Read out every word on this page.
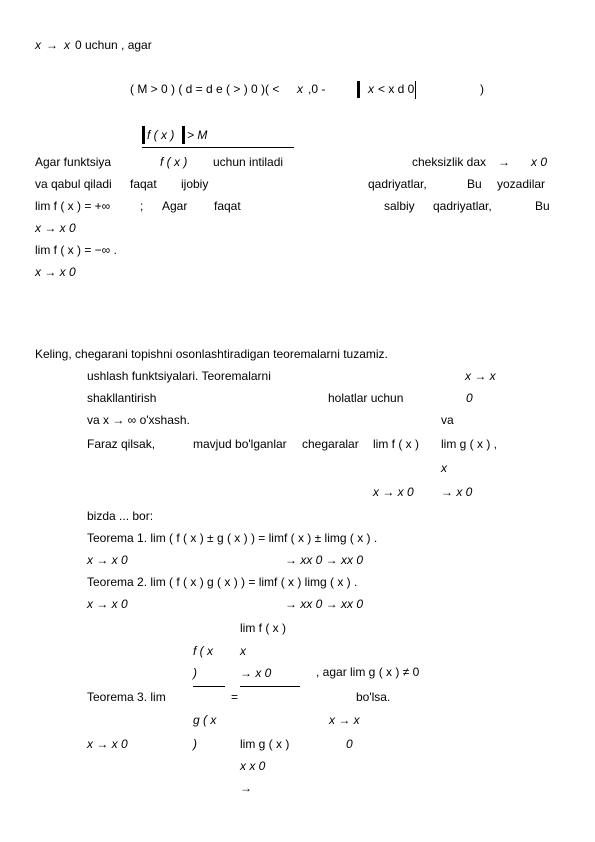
x → x 0 uchun , agar
( M > 0 ) ( d = d e ( > ) 0 )( < x ,0 -	x < x d 0	)
f ( x ) > M
Agar funktsiya	f ( x ) uchun intiladi	cheksizlik dax → x 0
va qabul qiladi faqat ijobiy	qadriyatlar,	Bu yozadilar
lim f ( x ) = +∞ ; Agar faqat	salbiy qadriyatlar,	Bu
x → x 0
lim f ( x ) = −∞ .
x → x 0
Keling, chegarani topishni osonlashtiradigan teoremalarni tuzamiz.
ushlash funktsiyalari. Teoremalarni	x → x
shakllantirish	holatlar uchun	0
va x → ∞ o'xshash.	va
Faraz qilsak,	mavjud bo'lganlar chegaralar lim f ( x ) lim g ( x ) ,
x
x → x 0 → x 0
bizda ... bor:
Teorema 1. lim ( f ( x ) ± g ( x ) ) = limf ( x ) ± limg ( x ) .
x → x 0	→ xx 0 → xx 0
Teorema 2. lim ( f ( x ) g ( x ) ) = limf ( x ) limg ( x ) .
x → x 0	→ xx 0 → xx 0
lim f ( x )
f ( x x
)	→ x 0	, agar lim g ( x ) ≠ 0
Teorema 3. lim	=	bo'lsa.
g ( x	x → x
x → x 0	)	lim g ( x )	0
x x 0
→
